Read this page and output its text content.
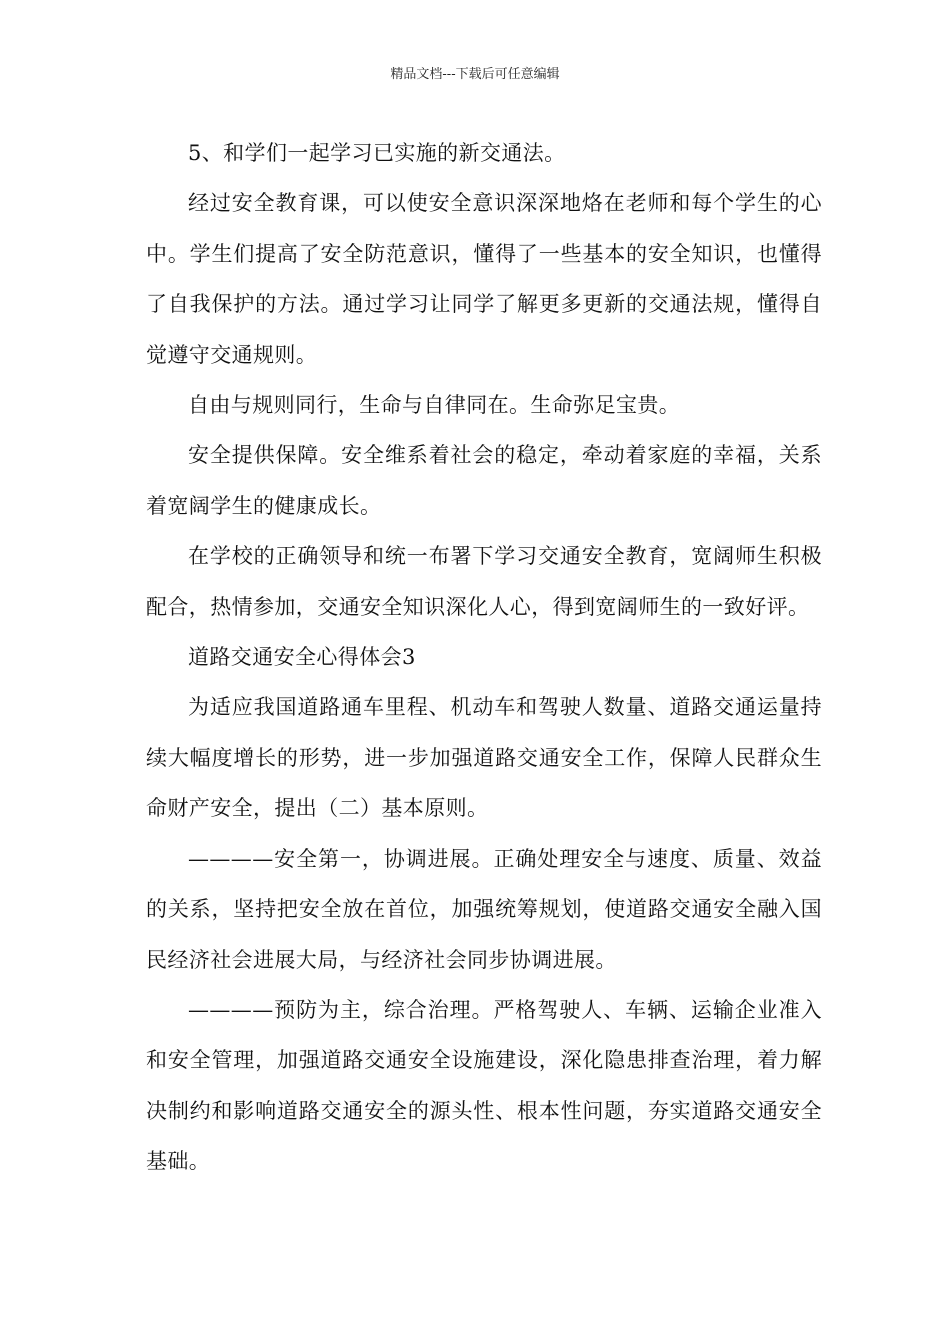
精品文档---下载后可任意编辑

5、和学们一起学习已实施的新交通法。

经过安全教育课，可以使安全意识深深地烙在老师和每个学生的心中。学生们提高了安全防范意识，懂得了一些基本的安全知识，也懂得了自我保护的方法。通过学习让同学了解更多更新的交通法规，懂得自觉遵守交通规则。

自由与规则同行，生命与自律同在。生命弥足宝贵。

安全提供保障。安全维系着社会的稳定，牵动着家庭的幸福，关系着宽阔学生的健康成长。

在学校的正确领导和统一布署下学习交通安全教育，宽阔师生积极配合，热情参加，交通安全知识深化人心，得到宽阔师生的一致好评。

道路交通安全心得体会3

为适应我国道路通车里程、机动车和驾驶人数量、道路交通运量持续大幅度增长的形势，进一步加强道路交通安全工作，保障人民群众生命财产安全，提出（二）基本原则。

————安全第一，协调进展。正确处理安全与速度、质量、效益的关系，坚持把安全放在首位，加强统筹规划，使道路交通安全融入国民经济社会进展大局，与经济社会同步协调进展。

————预防为主，综合治理。严格驾驶人、车辆、运输企业准入和安全管理，加强道路交通安全设施建设，深化隐患排查治理，着力解决制约和影响道路交通安全的源头性、根本性问题，夯实道路交通安全基础。
